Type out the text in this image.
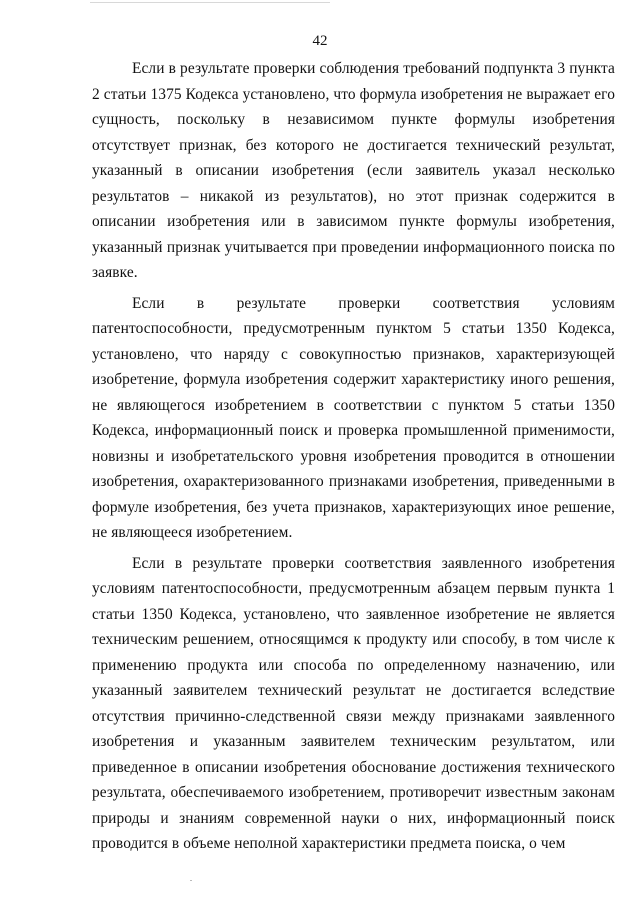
42

Если в результате проверки соблюдения требований подпункта 3 пункта 2 статьи 1375 Кодекса установлено, что формула изобретения не выражает его сущность, поскольку в независимом пункте формулы изобретения отсутствует признак, без которого не достигается технический результат, указанный в описании изобретения (если заявитель указал несколько результатов – никакой из результатов), но этот признак содержится в описании изобретения или в зависимом пункте формулы изобретения, указанный признак учитывается при проведении информационного поиска по заявке.

Если в результате проверки соответствия условиям патентоспособности, предусмотренным пунктом 5 статьи 1350 Кодекса, установлено, что наряду с совокупностью признаков, характеризующей изобретение, формула изобретения содержит характеристику иного решения, не являющегося изобретением в соответствии с пунктом 5 статьи 1350 Кодекса, информационный поиск и проверка промышленной применимости, новизны и изобретательского уровня изобретения проводится в отношении изобретения, охарактеризованного признаками изобретения, приведенными в формуле изобретения, без учета признаков, характеризующих иное решение, не являющееся изобретением.

Если в результате проверки соответствия заявленного изобретения условиям патентоспособности, предусмотренным абзацем первым пункта 1 статьи 1350 Кодекса, установлено, что заявленное изобретение не является техническим решением, относящимся к продукту или способу, в том числе к применению продукта или способа по определенному назначению, или указанный заявителем технический результат не достигается вследствие отсутствия причинно-следственной связи между признаками заявленного изобретения и указанным заявителем техническим результатом, или приведенное в описании изобретения обоснование достижения технического результата, обеспечиваемого изобретением, противоречит известным законам природы и знаниям современной науки о них, информационный поиск проводится в объеме неполной характеристики предмета поиска, о чем
